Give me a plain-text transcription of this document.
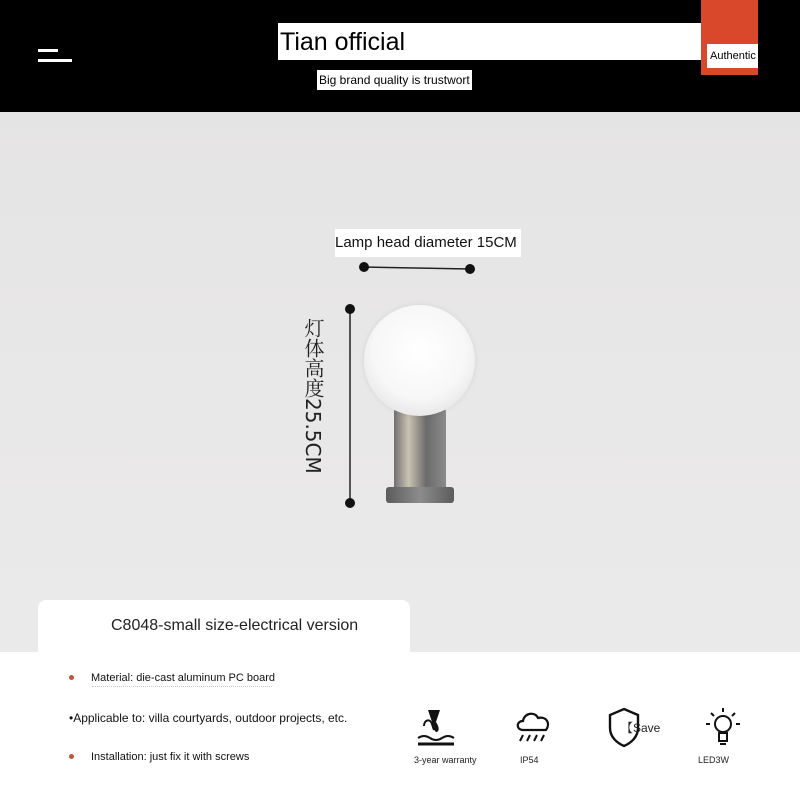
Tian official
Big brand quality is trustwort
Authentic
Lamp head diameter 15CM
灯体高度25.5CM
C8048-small size-electrical version
Material: die-cast aluminum PC board
•Applicable to: villa courtyards, outdoor projects, etc.
Installation: just fix it with screws	3-year warranty	IP54
【Save
LED3W
